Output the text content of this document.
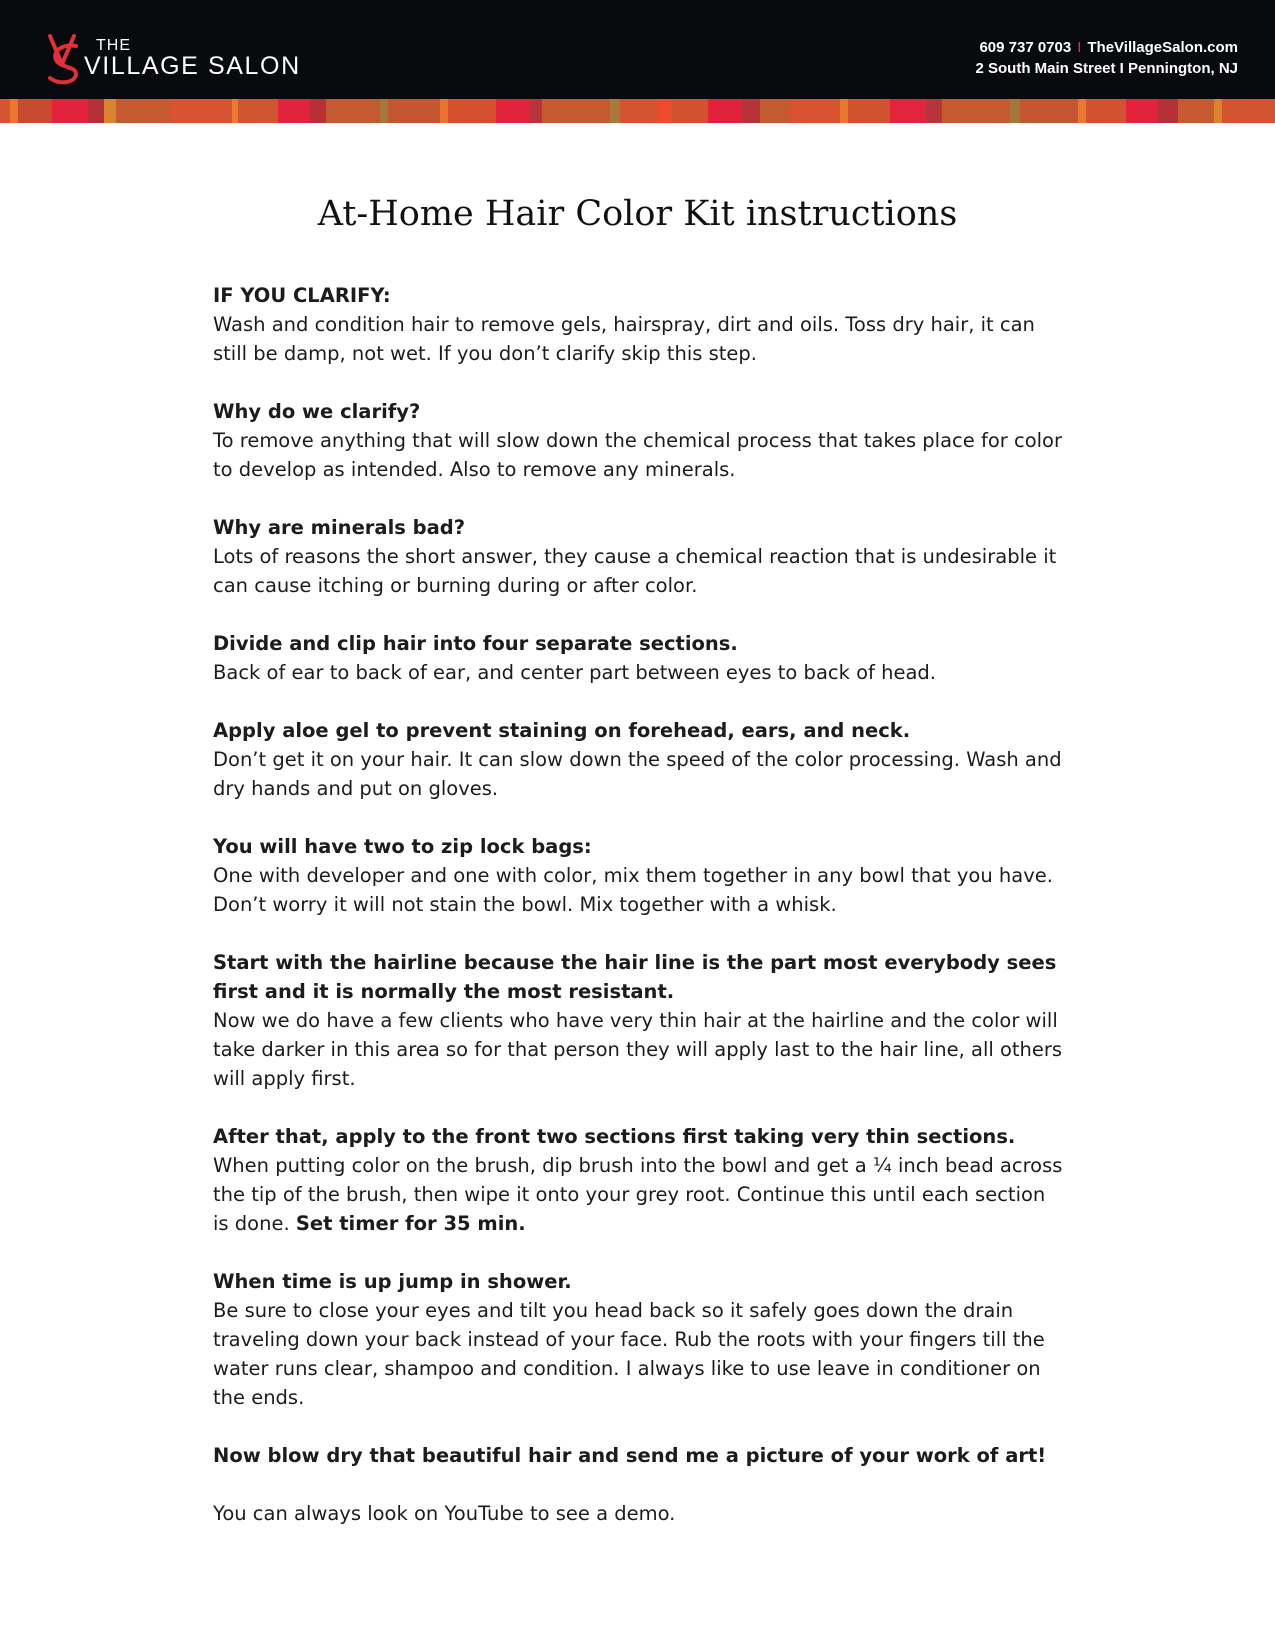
THE
VILLAGE SALON
609 737 0703 I TheVillageSalon.com
2 South Main Street I Pennington, NJ
At-Home Hair Color Kit instructions

IF YOU CLARIFY:
Wash and condition hair to remove gels, hairspray, dirt and oils. Toss dry hair, it can still be damp, not wet. If you don’t clarify skip this step.

Why do we clarify?
To remove anything that will slow down the chemical process that takes place for color to develop as intended. Also to remove any minerals.

Why are minerals bad?
Lots of reasons the short answer, they cause a chemical reaction that is undesirable it can cause itching or burning during or after color.

Divide and clip hair into four separate sections.
Back of ear to back of ear, and center part between eyes to back of head.

Apply aloe gel to prevent staining on forehead, ears, and neck.
Don’t get it on your hair. It can slow down the speed of the color processing. Wash and dry hands and put on gloves.

You will have two to zip lock bags:
One with developer and one with color, mix them together in any bowl that you have. Don’t worry it will not stain the bowl. Mix together with a whisk.

Start with the hairline because the hair line is the part most everybody sees first and it is normally the most resistant.
Now we do have a few clients who have very thin hair at the hairline and the color will take darker in this area so for that person they will apply last to the hair line, all others will apply first.

After that, apply to the front two sections first taking very thin sections. When putting color on the brush, dip brush into the bowl and get a ¼ inch bead across the tip of the brush, then wipe it onto your grey root. Continue this until each section is done. Set timer for 35 min.

When time is up jump in shower.
Be sure to close your eyes and tilt you head back so it safely goes down the drain traveling down your back instead of your face. Rub the roots with your fingers till the water runs clear, shampoo and condition. I always like to use leave in conditioner on the ends.

Now blow dry that beautiful hair and send me a picture of your work of art!

You can always look on YouTube to see a demo.
